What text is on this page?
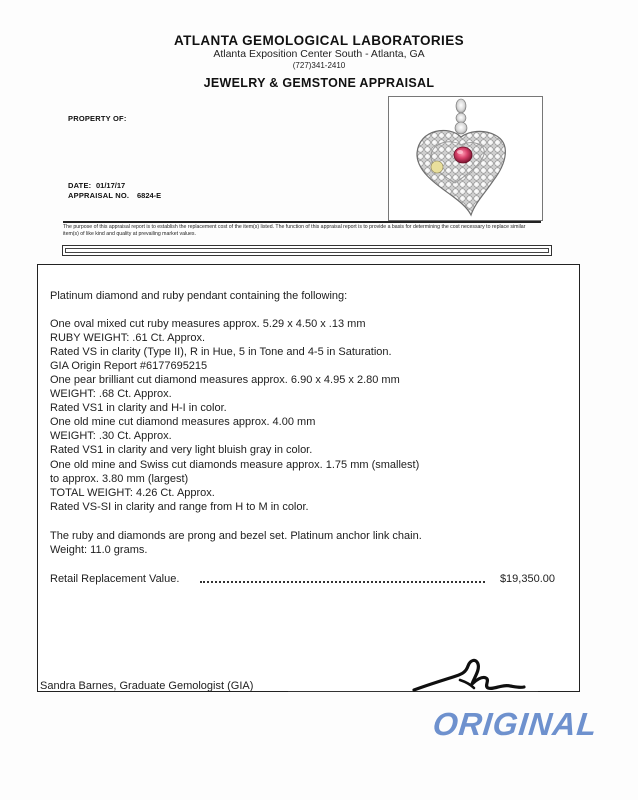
ATLANTA GEMOLOGICAL LABORATORIES
Atlanta Exposition Center South - Atlanta, GA
(727)341-2410
JEWELRY & GEMSTONE APPRAISAL
PROPERTY OF:
DATE: 01/17/17
APPRAISAL NO. 6824-E
The purpose of this appraisal report is to establish the replacement cost of the item(s) listed. The function of this appraisal report is to provide a basis for determining the cost necessary to replace similar item(s) of like kind and quality at prevailing market values.
Platinum diamond and ruby pendant containing the following:
One oval mixed cut ruby measures approx. 5.29 x 4.50 x .13 mm
RUBY WEIGHT: .61 Ct. Approx.
Rated VS in clarity (Type II), R in Hue, 5 in Tone and 4-5 in Saturation.
GIA Origin Report #6177695215
One pear brilliant cut diamond measures approx. 6.90 x 4.95 x 2.80 mm
WEIGHT: .68 Ct. Approx.
Rated VS1 in clarity and H-I in color.
One old mine cut diamond measures approx. 4.00 mm
WEIGHT: .30 Ct. Approx.
Rated VS1 in clarity and very light bluish gray in color.
One old mine and Swiss cut diamonds measure approx. 1.75 mm (smallest)
to approx. 3.80 mm (largest)
TOTAL WEIGHT: 4.26 Ct. Approx.
Rated VS-SI in clarity and range from H to M in color.
The ruby and diamonds are prong and bezel set. Platinum anchor link chain.
Weight: 11.0 grams.
Retail Replacement Value.	$19,350.00
Sandra Barnes, Graduate Gemologist (GIA)
ORIGINAL
